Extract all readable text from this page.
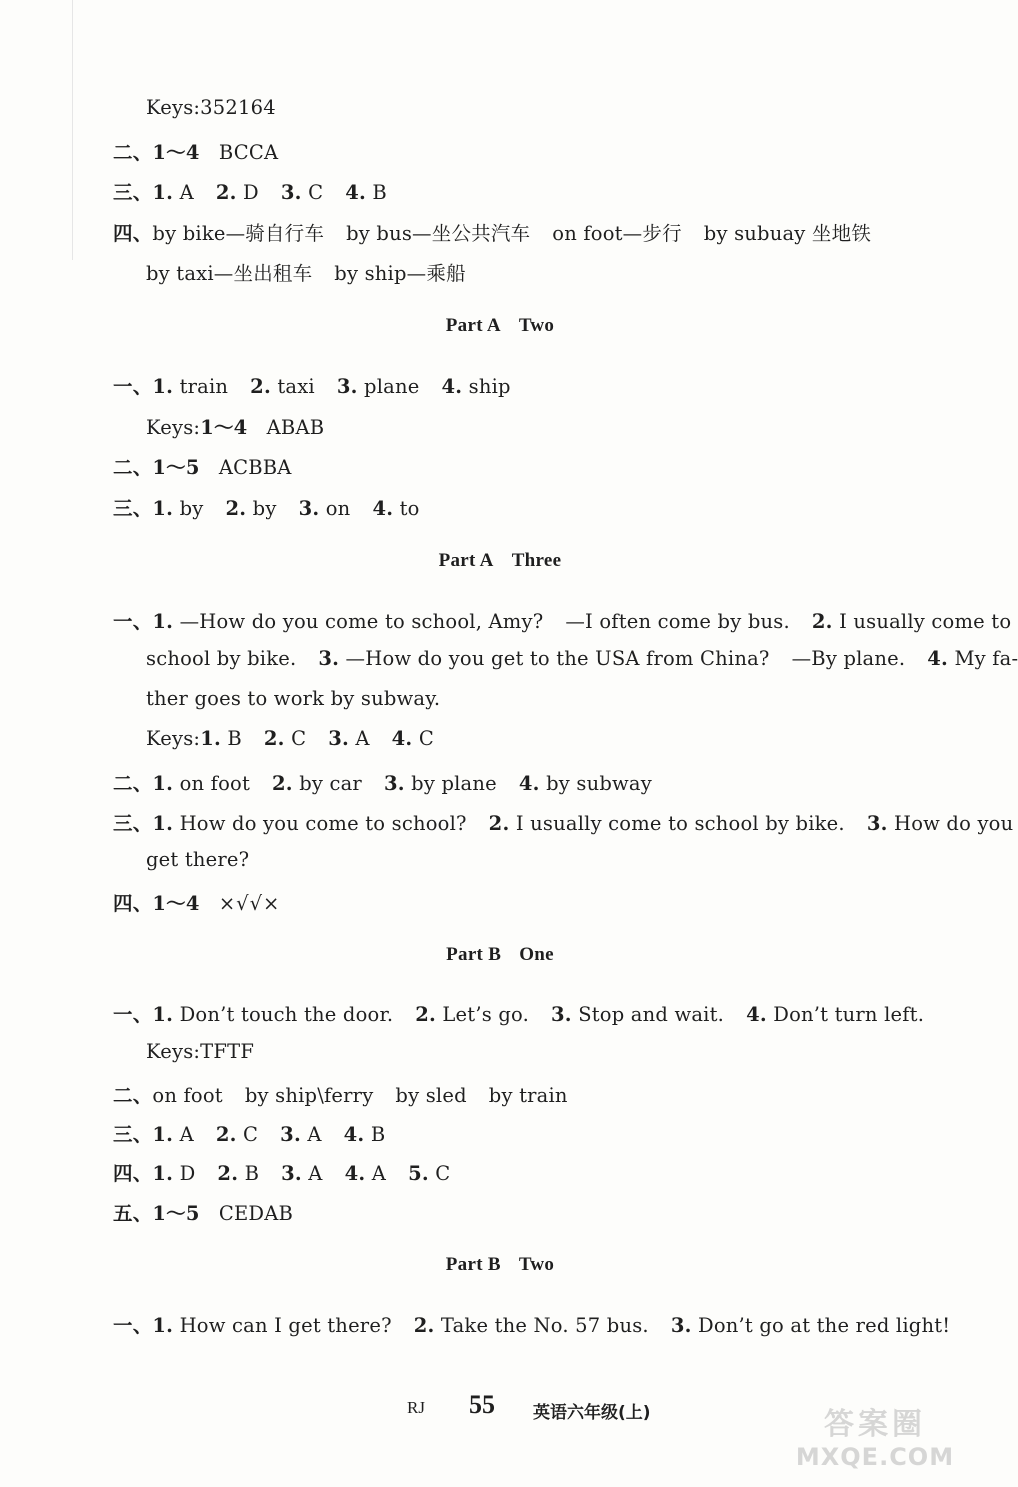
Keys:352164
二、1～4 BCCA
三、1. A 2. D 3. C 4. B
四、by bike—骑自行车 by bus—坐公共汽车 on foot—步行 by subuay 坐地铁
by taxi—坐出租车 by ship—乘船
Part A Two
一、1. train 2. taxi 3. plane 4. ship
Keys:1～4 ABAB
二、1～5 ACBBA
三、1. by 2. by 3. on 4. to
Part A Three
一、1. —How do you come to school, Amy? —I often come by bus. 2. I usually come to
school by bike. 3. —How do you get to the USA from China? —By plane. 4. My fa-
ther goes to work by subway.
Keys:1. B 2. C 3. A 4. C
二、1. on foot 2. by car 3. by plane 4. by subway
三、1. How do you come to school? 2. I usually come to school by bike. 3. How do you
get there?
四、1～4 ×√√×
Part B One
一、1. Don’t touch the door. 2. Let’s go. 3. Stop and wait. 4. Don’t turn left.
Keys:TFTF
二、on foot by ship\ferry by sled by train
三、1. A 2. C 3. A 4. B
四、1. D 2. B 3. A 4. A 5. C
五、1～5 CEDAB
Part B Two
一、1. How can I get there? 2. Take the No. 57 bus. 3. Don’t go at the red light!
RJ 55 英语六年级(上)	答案圈
MXQE.COM
